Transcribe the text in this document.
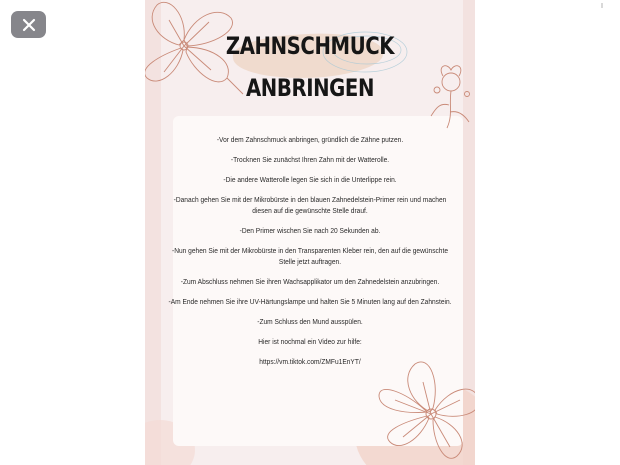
ZAHNSCHMUCK
ANBRINGEN

-Vor dem Zahnschmuck anbringen, gründlich die Zähne putzen.

-Trocknen Sie zunächst Ihren Zahn mit der Watterolle.

-Die andere Watterolle legen Sie sich in die Unterlippe rein.

-Danach gehen Sie mit der Mikrobürste in den blauen Zahnedelstein-Primer rein und machen diesen auf die gewünschte Stelle drauf.

-Den Primer wischen Sie nach 20 Sekunden ab.

-Nun gehen Sie mit der Mikrobürste in den Transparenten Kleber rein, den auf die gewünschte Stelle jetzt auftragen.

-Zum Abschluss nehmen Sie ihren Wachsapplikator um den Zahnedelstein anzubringen.

-Am Ende nehmen Sie ihre UV-Härtungslampe und halten Sie 5 Minuten lang auf den Zahnstein.

-Zum Schluss den Mund ausspülen.

Hier ist nochmal ein Video zur hilfe:

https://vm.tiktok.com/ZMFu1EnYT/
